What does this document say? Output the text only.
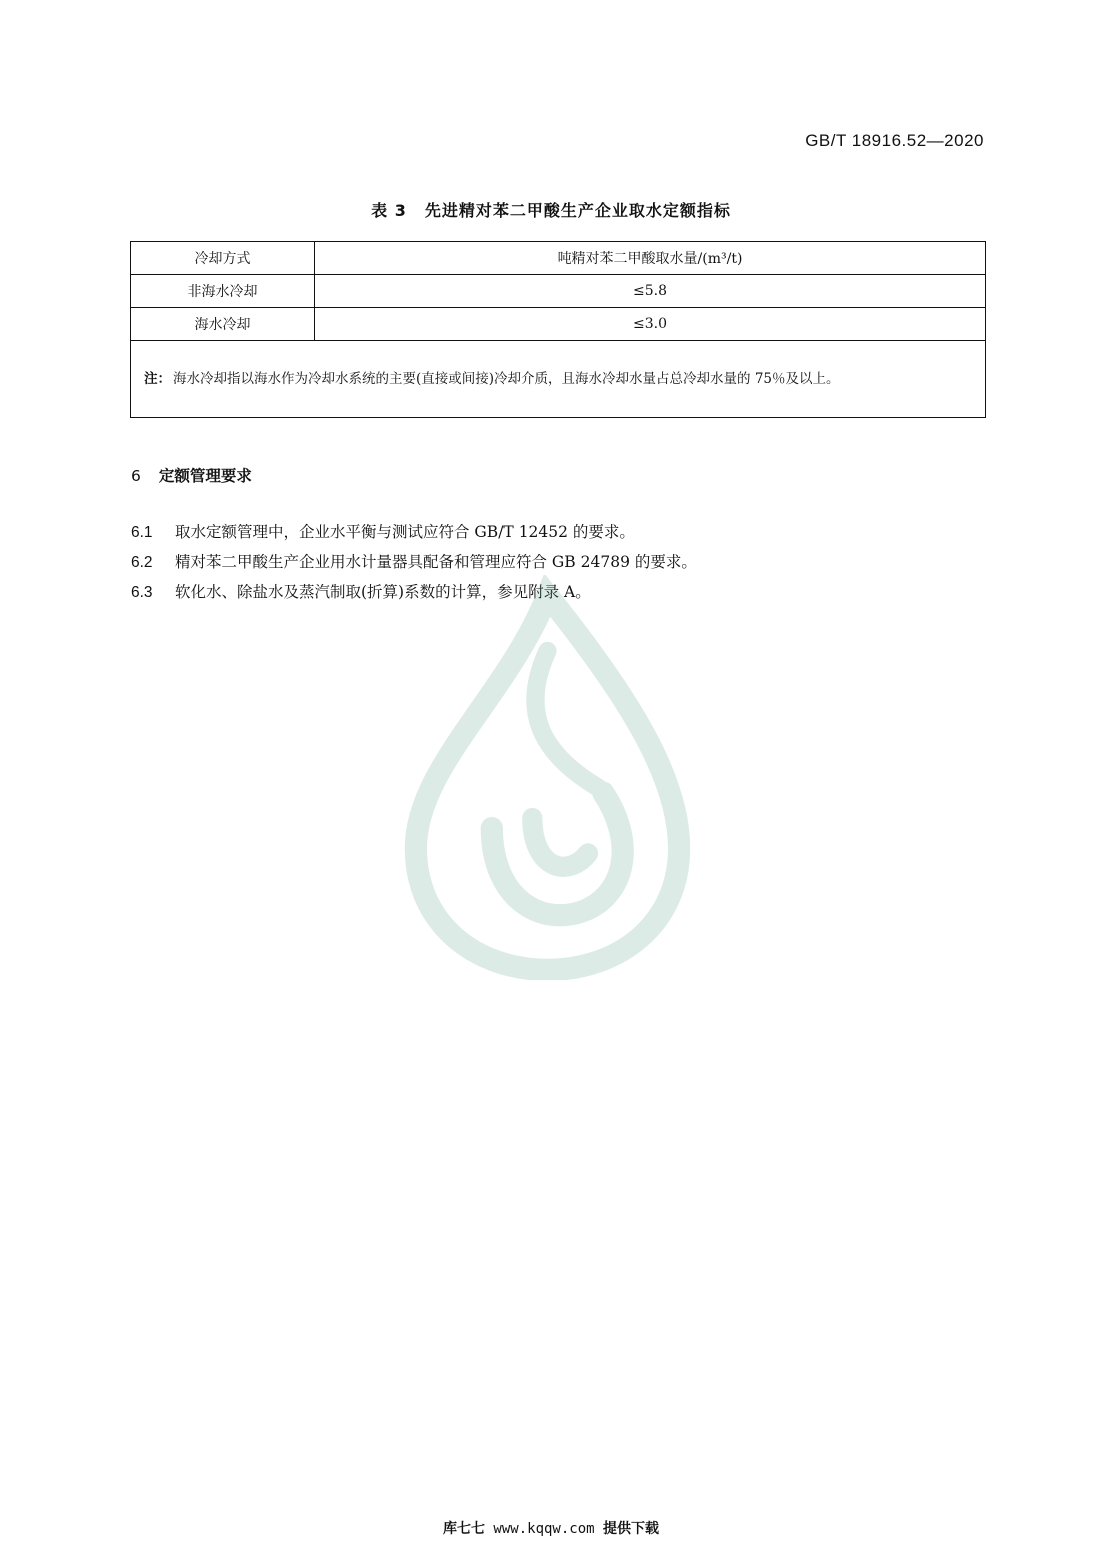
GB/T 18916.52—2020
表 3 先进精对苯二甲酸生产企业取水定额指标
冷却方式	吨精对苯二甲酸取水量/(m³/t)
非海水冷却	≤5.8
海水冷却	≤3.0
注： 海水冷却指以海水作为冷却水系统的主要(直接或间接)冷却介质，且海水冷却水量占总冷却水量的 75％及以上。	
6 定额管理要求
6.1 取水定额管理中，企业水平衡与测试应符合 GB/T 12452 的要求。
6.2 精对苯二甲酸生产企业用水计量器具配备和管理应符合 GB 24789 的要求。
6.3 软化水、除盐水及蒸汽制取(折算)系数的计算，参见附录 A。
库七七 www.kqqw.com 提供下载
